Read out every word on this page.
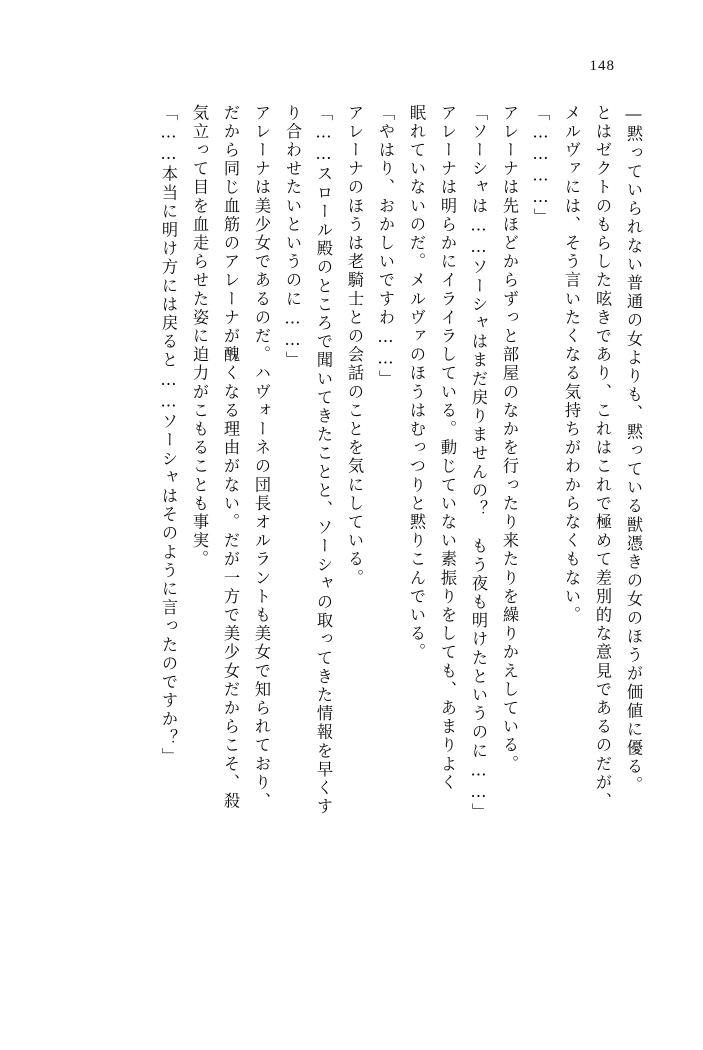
148
―黙っていられない普通の女よりも、黙っている獣憑きの女のほうが価値に優る。
とはゼクトのもらした呟きであり、これはこれで極めて差別的な意見であるのだが、
メルヴァには、そう言いたくなる気持ちがわからなくもない。
「…………」
アレーナは先ほどからずっと部屋のなかを行ったり来たりを繰りかえしている。
「ソーシャは……ソーシャはまだ戻りませんの？　もう夜も明けたというのに……」
アレーナは明らかにイライラしている。動じていない素振りをしても、あまりよく
眠れていないのだ。メルヴァのほうはむっつりと黙りこんでいる。
「やはり、おかしいですわ……」
アレーナのほうは老騎士との会話のことを気にしている。
「……スロール殿のところで聞いてきたことと、ソーシャの取ってきた情報を早くす
り合わせたいというのに……」
アレーナは美少女であるのだ。ハヴォーネの団長オルラントも美女で知られており、
だから同じ血筋のアレーナが醜くなる理由がない。だが一方で美少女だからこそ、殺
気立って目を血走らせた姿に迫力がこもることも事実。
「……本当に明け方には戻ると……ソーシャはそのように言ったのですか？」
